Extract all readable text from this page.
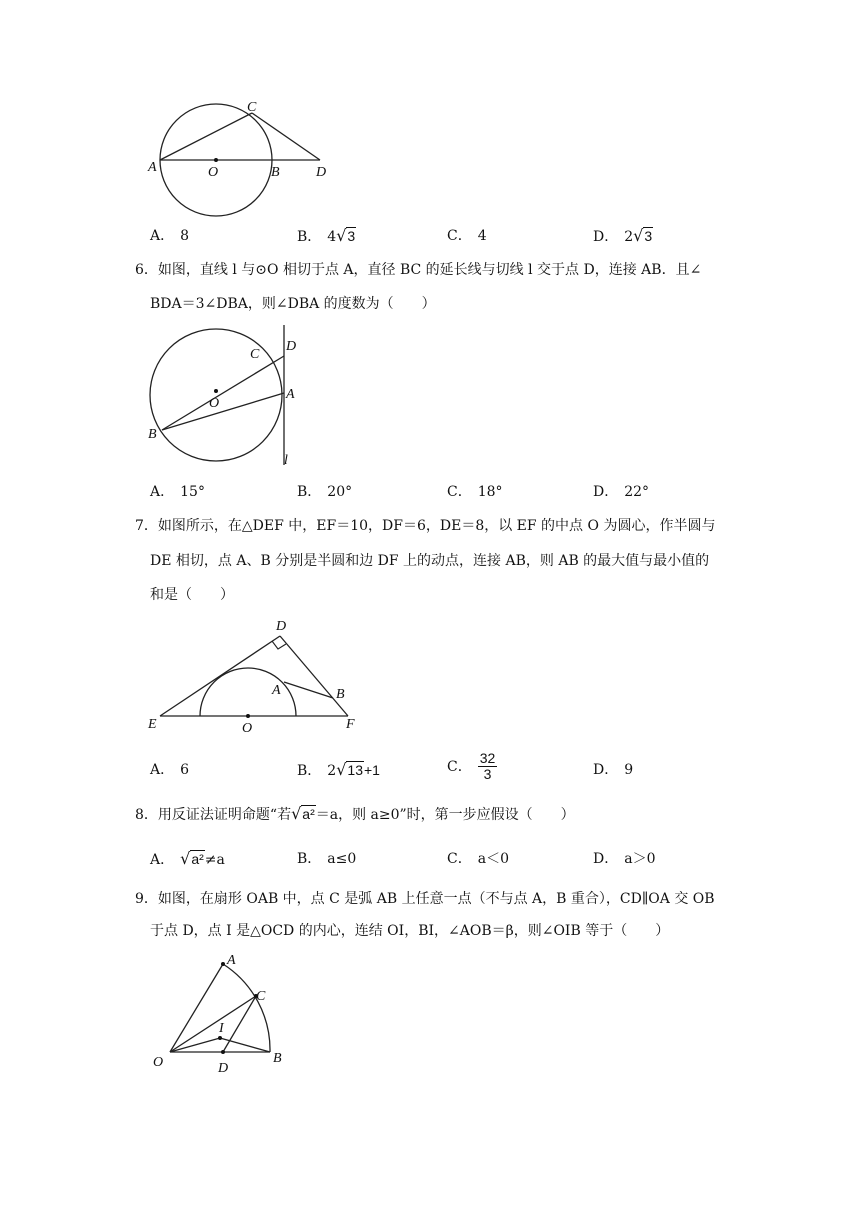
A	O	B	D
C
A． 8	B． 4√3	C． 4	D． 2√3
6．如图，直线 l 与⊙O 相切于点 A，直径 BC 的延长线与切线 l 交于点 D，连接 AB．且∠
BDA＝3∠DBA，则∠DBA 的度数为（　　）
C
D
O
A
B
l
A． 15°	B． 20°	C． 18°	D． 22°
7．如图所示，在△DEF 中，EF＝10，DF＝6，DE＝8，以 EF 的中点 O 为圆心，作半圆与
DE 相切，点 A、B 分别是半圆和边 DF 上的动点，连接 AB，则 AB 的最大值与最小值的
和是（　　）
D
A	B
E	O	F
A． 6	B． 2√13+1	C． $\frac{32}{3}$	D． 9
8．用反证法证明命题“若√a²＝a，则 a≥0”时，第一步应假设（　　）
A． √a²≠a	B． a≤0	C． a＜0	D． a＞0
9．如图，在扇形 OAB 中，点 C 是弧 AB 上任意一点（不与点 A，B 重合），CD∥OA 交 OB
于点 D，点 I 是△OCD 的内心，连结 OI，BI，∠AOB＝β，则∠OIB 等于（　　）
A
C
I
O	B
D
